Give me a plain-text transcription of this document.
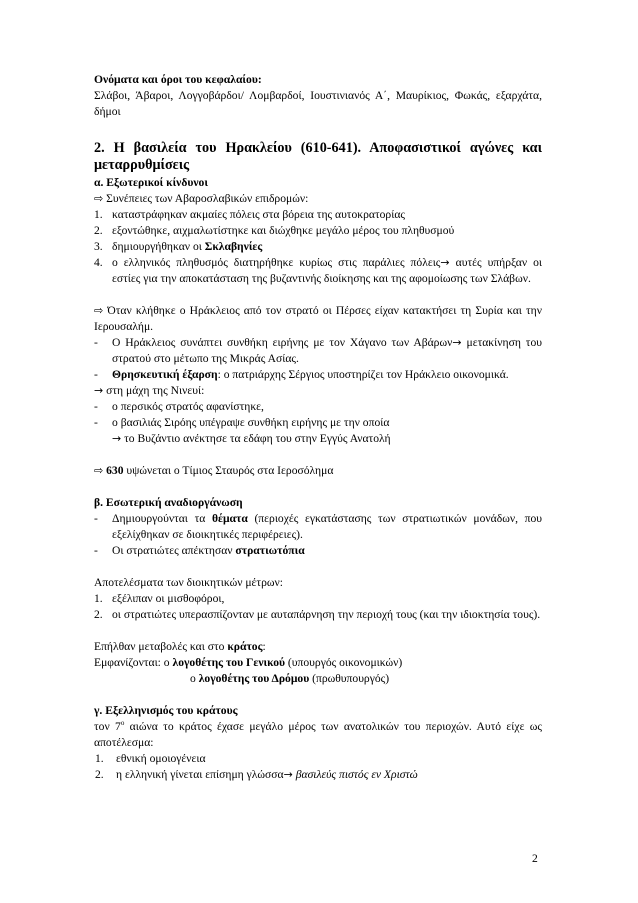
Ονόματα και όροι του κεφαλαίου:

Σλάβοι, Άβαροι, Λογγοβάρδοι/ Λομβαρδοί, Ιουστινιανός Α΄, Μαυρίκιος, Φωκάς, εξαρχάτα, δήμοι

2. Η βασιλεία του Ηρακλείου (610-641). Αποφασιστικοί αγώνες και μεταρρυθμίσεις

α. Εξωτερικοί κίνδυνοι

⇨ Συνέπειες των Αβαροσλαβικών επιδρομών:

1. καταστράφηκαν ακμαίες πόλεις στα βόρεια της αυτοκρατορίας
2. εξοντώθηκε, αιχμαλωτίστηκε και διώχθηκε μεγάλο μέρος του πληθυσμού
3. δημιουργήθηκαν οι Σκλαβηνίες
4. ο ελληνικός πληθυσμός διατηρήθηκε κυρίως στις παράλιες πόλεις→ αυτές υπήρξαν οι εστίες για την αποκατάσταση της βυζαντινής διοίκησης και της αφομοίωσης των Σλάβων.

⇨ Όταν κλήθηκε ο Ηράκλειος από τον στρατό οι Πέρσες είχαν κατακτήσει τη Συρία και την Ιερουσαλήμ.

-	Ο Ηράκλειος συνάπτει συνθήκη ειρήνης με τον Χάγανο των Αβάρων→ μετακίνηση του στρατού στο μέτωπο της Μικράς Ασίας.
-	Θρησκευτική έξαρση: ο πατριάρχης Σέργιος υποστηρίζει τον Ηράκλειο οικονομικά.

→ στη μάχη της Νινευί:

-	ο περσικός στρατός αφανίστηκε,
-	ο βασιλιάς Σιρόης υπέγραψε συνθήκη ειρήνης με την οποία

→ το Βυζάντιο ανέκτησε τα εδάφη του στην Εγγύς Ανατολή

⇨ 630 υψώνεται ο Τίμιος Σταυρός στα Ιεροσόλημα

β. Εσωτερική αναδιοργάνωση

-	Δημιουργούνται τα θέματα (περιοχές εγκατάστασης των στρατιωτικών μονάδων, που εξελίχθηκαν σε διοικητικές περιφέρειες).
-	Οι στρατιώτες απέκτησαν στρατιωτόπια

Αποτελέσματα των διοικητικών μέτρων:

1. εξέλιπαν οι μισθοφόροι,
2. οι στρατιώτες υπερασπίζονταν με αυταπάρνηση την περιοχή τους (και την ιδιοκτησία τους).

Επήλθαν μεταβολές και στο κράτος:

Εμφανίζονται: ο λογοθέτης του Γενικού (υπουργός οικονομικών)

ο λογοθέτης του Δρόμου (πρωθυπουργός)

γ. Εξελληνισμός του κράτους

τον $7^o$ αιώνα το κράτος έχασε μεγάλο μέρος των ανατολικών του περιοχών. Αυτό είχε ως αποτέλεσμα:

1.	εθνική ομοιογένεια
2.	η ελληνική γίνεται επίσημη γλώσσα→ βασιλεύς πιστός εν Χριστώ
2
